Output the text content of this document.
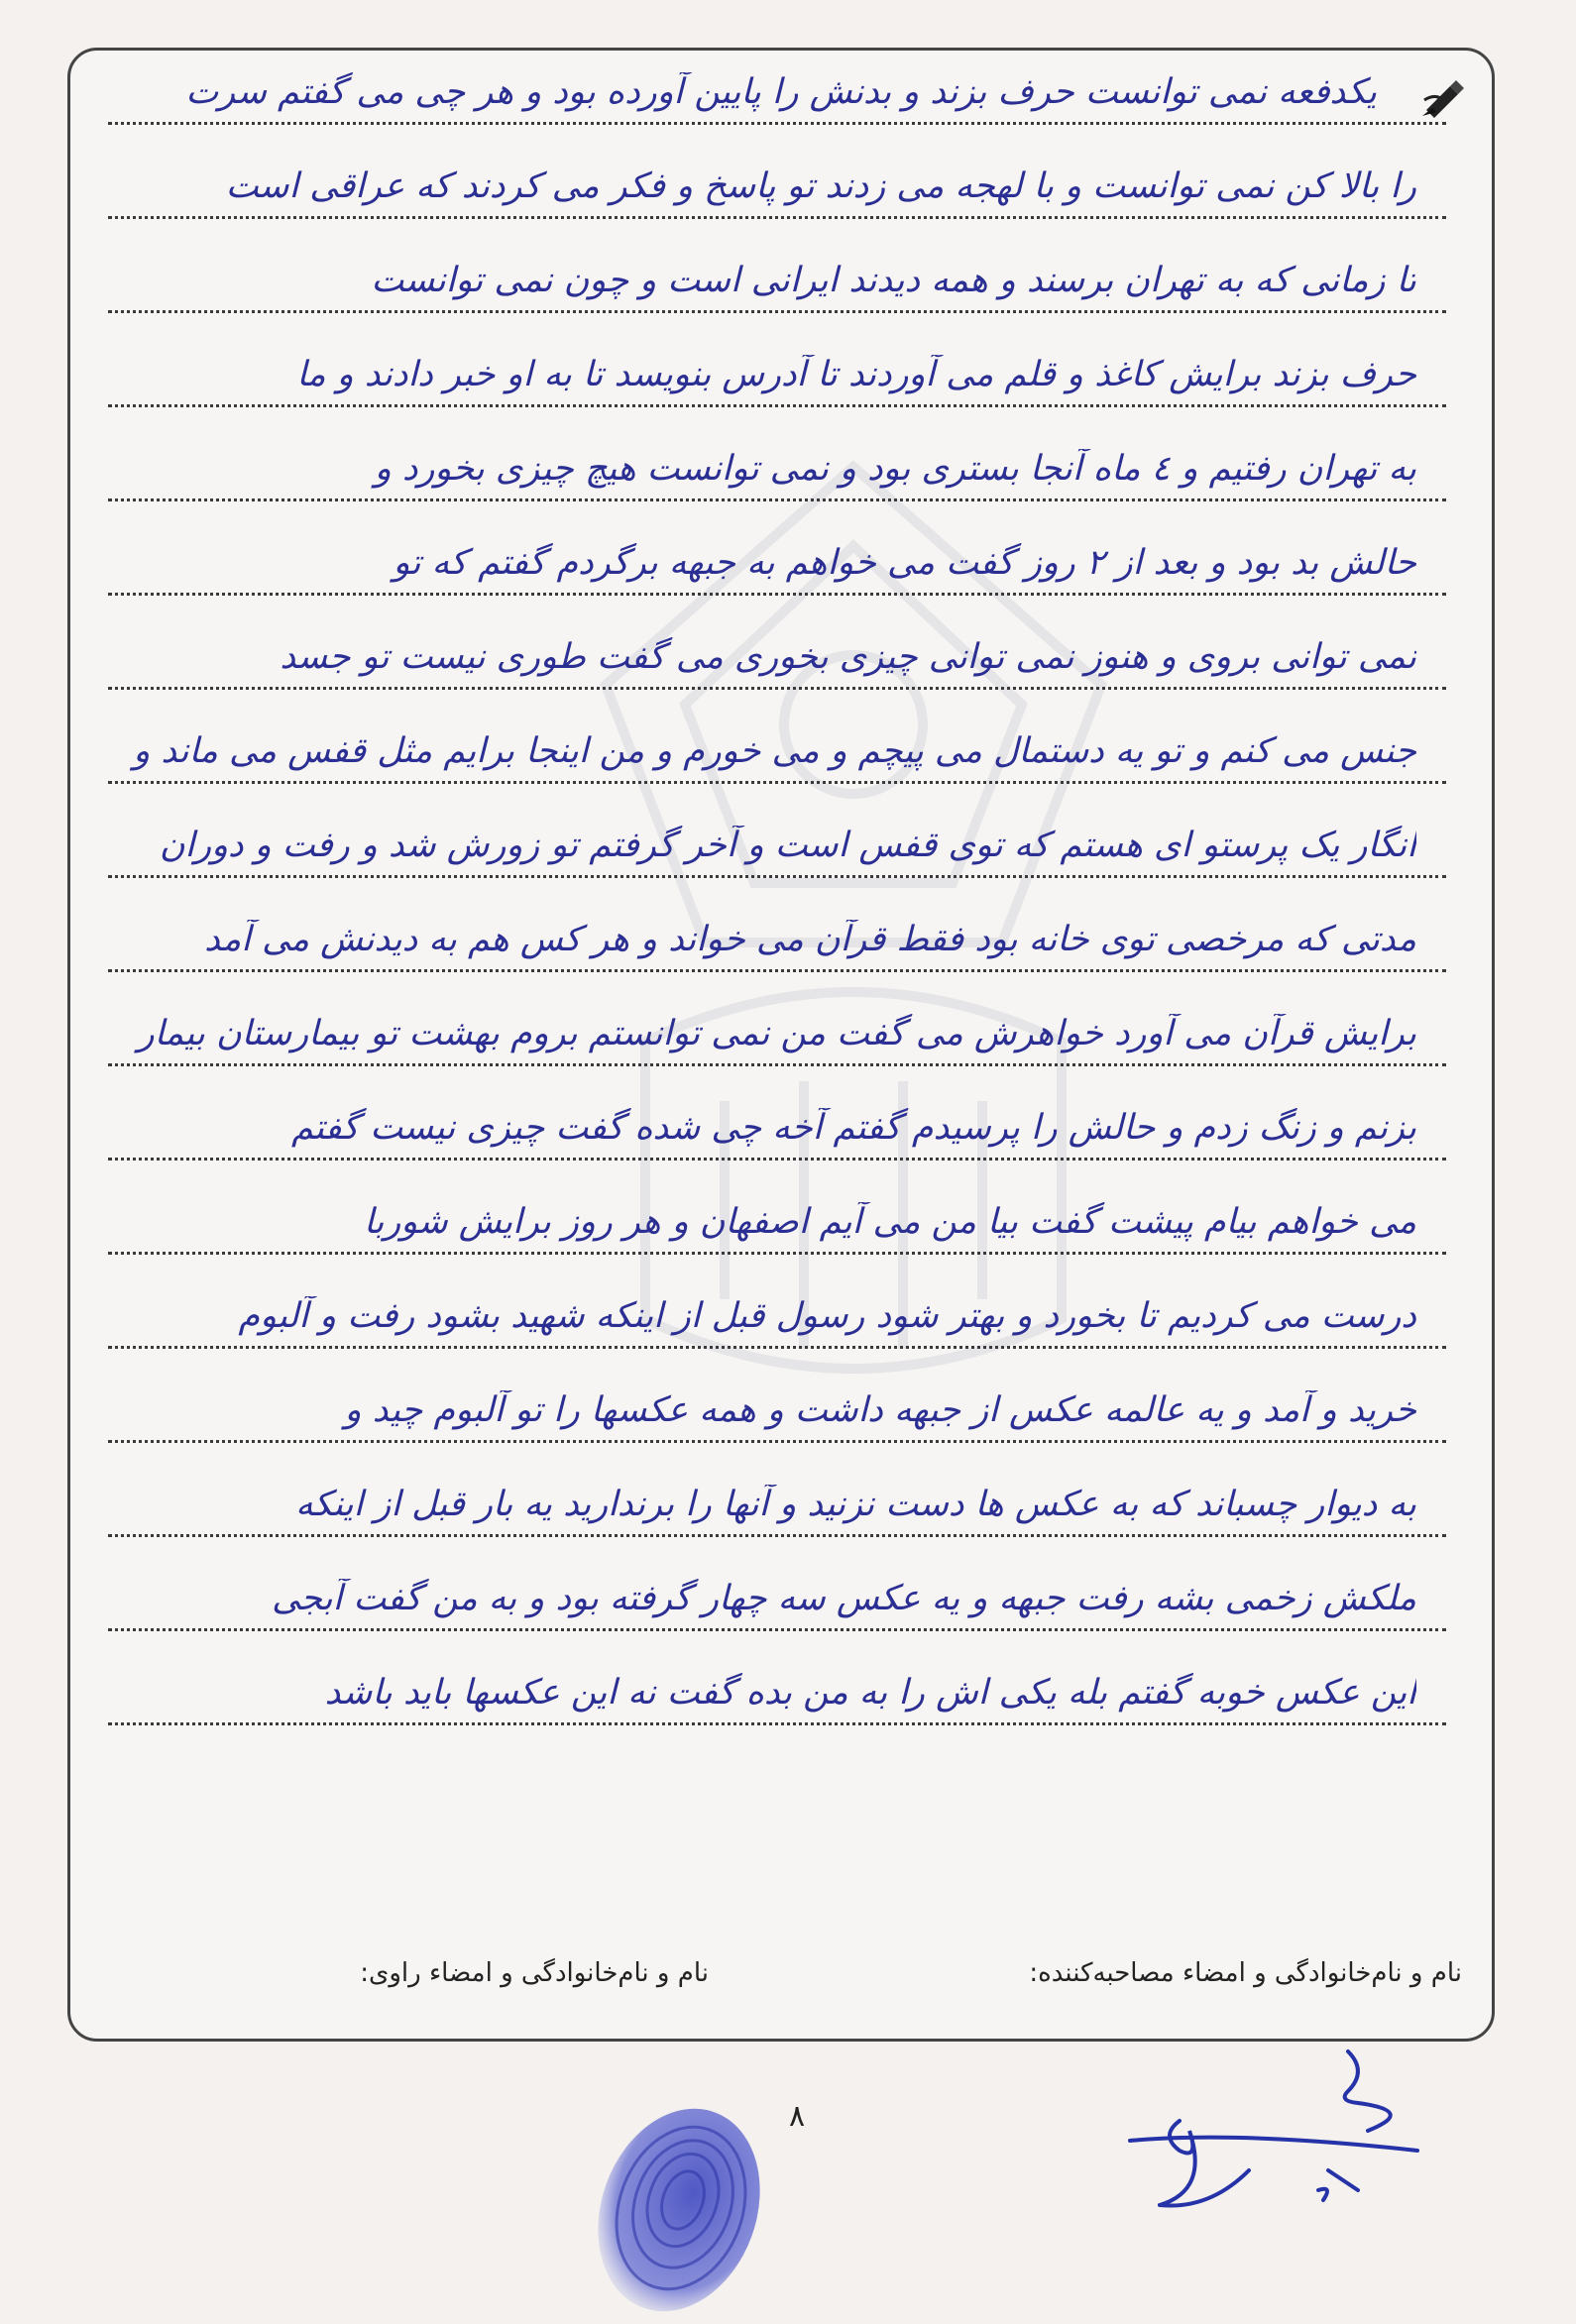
یکدفعه نمی توانست حرف بزند و بدنش را پایین آورده بود و هر چی می گفتم سرت
را بالا کن نمی توانست و با لهجه می زدند تو پاسخ و فکر می کردند که عراقی است
تا زمانی که به تهران برسند و همه دیدند ایرانی است و چون نمی توانست
حرف بزند برایش کاغذ و قلم می آوردند تا آدرس بنویسد تا به او خبر دادند و ما
به تهران رفتیم و ٤ ماه آنجا بستری بود و نمی توانست هیچ چیزی بخورد و
حالش بد بود و بعد از ٢ روز گفت می خواهم به جبهه برگردم گفتم که تو
نمی توانی بروی و هنوز نمی توانی چیزی بخوری می گفت طوری نیست تو جسد
جنس می کنم و تو یه دستمال می پیچم و می خورم و من اینجا برایم مثل قفس می ماند و
انگار یک پرستو ای هستم که توی قفس است و آخر گرفتم تو زورش شد و رفت و دوران
مدتی که مرخصی توی خانه بود فقط قرآن می خواند و هر کس هم به دیدنش می آمد
برایش قرآن می آورد خواهرش می گفت من نمی توانستم بروم بهشت تو بیمارستان بیمار
بزنم و زنگ زدم و حالش را پرسیدم گفتم آخه چی شده گفت چیزی نیست گفتم
می خواهم بیام پیشت گفت بیا من می آیم اصفهان و هر روز برایش شوربا
درست می کردیم تا بخورد و بهتر شود رسول قبل از اینکه شهید بشود رفت و آلبوم
خرید و آمد و یه عالمه عکس از جبهه داشت و همه عکسها را تو آلبوم چید و
به دیوار چسباند که به عکس ها دست نزنید و آنها را برندارید یه بار قبل از اینکه
ملکش زخمی بشه رفت جبهه و یه عکس سه چهار گرفته بود و به من گفت آبجی
این عکس خوبه گفتم بله یکی اش را به من بده گفت نه این عکسها باید باشد
نام و نام‌خانوادگی و امضاء مصاحبه‌کننده:
نام و نام‌خانوادگی و امضاء راوی:
۸
